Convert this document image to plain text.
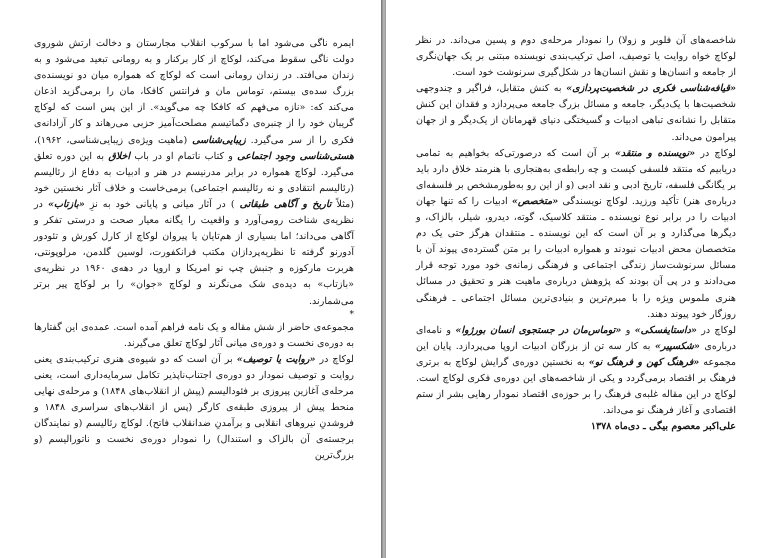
ایمره ناگی می‌شود اما با سرکوب انقلاب مجارستان و دخالت ارتش شوروی دولت ناگی سقوط می‌کند، لوکاچ از کار برکنار و به رومانی تبعید می‌شود و به زندان می‌افتد. در زندان رومانی است که لوکاچ که همواره میان دو نویسنده‌ی بزرگ سده‌ی بیستم، توماس مان و فرانتس کافکا، مان را برمی‌گزید اذعان می‌کند که: «نازه می‌فهم که کافکا چه می‌گوید». از این پس است که لوکاچ گریبان خود را از چنبره‌ی دگماتیسم مصلحت‌آمیز حزبی می‌رهاند و کار آزادانه‌ی فکری را از سر می‌گیرد. زیبایی‌شناسی (ماهیت ویژه‌ی زیبایی‌شناسی، ۱۹۶۲)، هستی‌شناسی وجود اجتماعی و کتاب ناتمام او در باب اخلاق به این دوره تعلق می‌گیرد. لوکاچ همواره در برابر مدرنیسم در هنر و ادبیات به دفاع از رئالیسم (رئالیسم انتقادی و نه رئالیسم اجتماعی) برمی‌خاست و خلاف آثار نخستین خود (مثلاً تاریخ و آگاهی طبقاتی ) در آثار میانی و پایانی خود به نزِ «بازتاب» در نظریه‌ی شناخت رومی‌آورد و واقعیت را یگانه معیار صحت و درستی تفکر و آگاهی می‌داند؛ اما بسیاری از هم‌تایان یا پیروان لوکاچ از کارل کورش و تئودور آدورنو گرفته تا نظریه‌پردازان مکتب فرانکفورت، لوسین گلدمن، مرلوپونتی، هربرت مارکوزه و جنبش چپ نو امریکا و اروپا در دهه‌ی ۱۹۶۰ در نظریه‌ی «بازتاب» به دیده‌ی شک می‌نگرند و لوکاچ «جوان» را بر لوکاچ پیر برتر می‌شمارند.

*

مجموعه‌ی حاضر از شش مقاله و یک نامه فراهم آمده است. عمده‌ی این گفتارها به دوره‌ی نخست و دوره‌ی میانی آثار لوکاچ تعلق می‌گیرند.

لوکاچ در «روایت یا توصیف» بر آن است که دو شیوه‌ی هنری ترکیب‌بندی یعنی روایت و توصیف نمودار دو دوره‌ی اجتناب‌ناپذیر تکامل سرمایه‌داری است، یعنی مرحله‌ی آغازین پیروزی بر فئودالیسم (پیش از انقلاب‌های ۱۸۴۸) و مرحله‌ی نهایی منحط پیش از پیروزی طبقه‌ی کارگر (پس از انقلاب‌های سراسری ۱۸۴۸ و فروشدنِ نیروهای انقلابی و برآمدنِ ضدانقلاب فاتح). لوکاچ رئالیسم (و نمایندگان برجسته‌ی آن بالزاک و استندال) را نمودار دوره‌ی نخست و ناتورالیسم (و بزرگ‌ترین

شاخصه‌های آن فلوبر و زولا) را نمودار مرحله‌ی دوم و پسین می‌داند. در نظر لوکاچ خواه روایت یا توصیف، اصل ترکیب‌بندی نویسنده مبتنی بر یک جهان‌نگری از جامعه و انسان‌ها و نقش انسان‌ها در شکل‌گیری سرنوشت خود است.

«قیافه‌شناسی فکری در شخصیت‌پردازی» به کنش متقابل، فراگیر و چندوجهی شخصیت‌ها با یک‌دیگر، جامعه و مسائل بزرگ جامعه می‌پردازد و فقدان این کنش متقابل را نشانه‌ی تباهی ادبیات و گسیختگی دنیای قهرمانان از یک‌دیگر و از جهان پیرامون می‌داند.

لوکاچ در «نویسنده و منتقد» بر آن است که درصورتی‌که بخواهیم به تمامی دریابیم که منتقد فلسفی کیست و چه رابطه‌ی به‌هنجاری با هنرمند خلاق دارد باید بر یگانگی فلسفه، تاریخ ادبی و نقد ادبی (و از این رو به‌طورمشخص بر فلسفه‌ای درباره‌ی هنر) تأکید ورزید. لوکاچ نویسندگی «متخصص» ادبیات را که تنها جهان ادبیات را در برابر نوع نویسنده ـ منتقد کلاسیک، گوته، دیدرو، شیلر، بالزاک، و دیگرها می‌گذارد و بر آن است که این نویسنده ـ منتقدان هرگز حتی یک دم متخصصان محض ادبیات نبودند و همواره ادبیات را بر متن گسترده‌ی پیوند آن با مسائل سرنوشت‌ساز زندگی اجتماعی و فرهنگی زمانه‌ی خود مورد توجه قرار می‌دادند و در پی آن بودند که پژوهش درباره‌ی ماهیت هنر و تحقیق در مسائل هنری ملموس ویژه را با مبرم‌ترین و بنیادی‌ترین مسائل اجتماعی ـ فرهنگی روزگار خود پیوند دهند.

لوکاچ در «داستایفسکی» و «توماس‌مان در جستجوی انسان بورژوا» و نامه‌ای درباره‌ی «شکسپیر» به کار سه تن از بزرگان ادبیات اروپا می‌پردازد. پایان این مجموعه «فرهنگ کهن و فرهنگ نو» به نخستین دوره‌ی گرایش لوکاچ به برتری فرهنگ بر اقتصاد برمی‌گردد و یکی از شاخصه‌های این دوره‌ی فکری لوکاچ است. لوکاچ در این مقاله غلبه‌ی فرهنگ را بر حوزه‌ی اقتصاد نمودار رهایی بشر از ستم اقتصادی و آغاز فرهنگ نو می‌داند.

علی‌اکبر معصوم بیگی ـ دی‌ماه ۱۳۷۸
